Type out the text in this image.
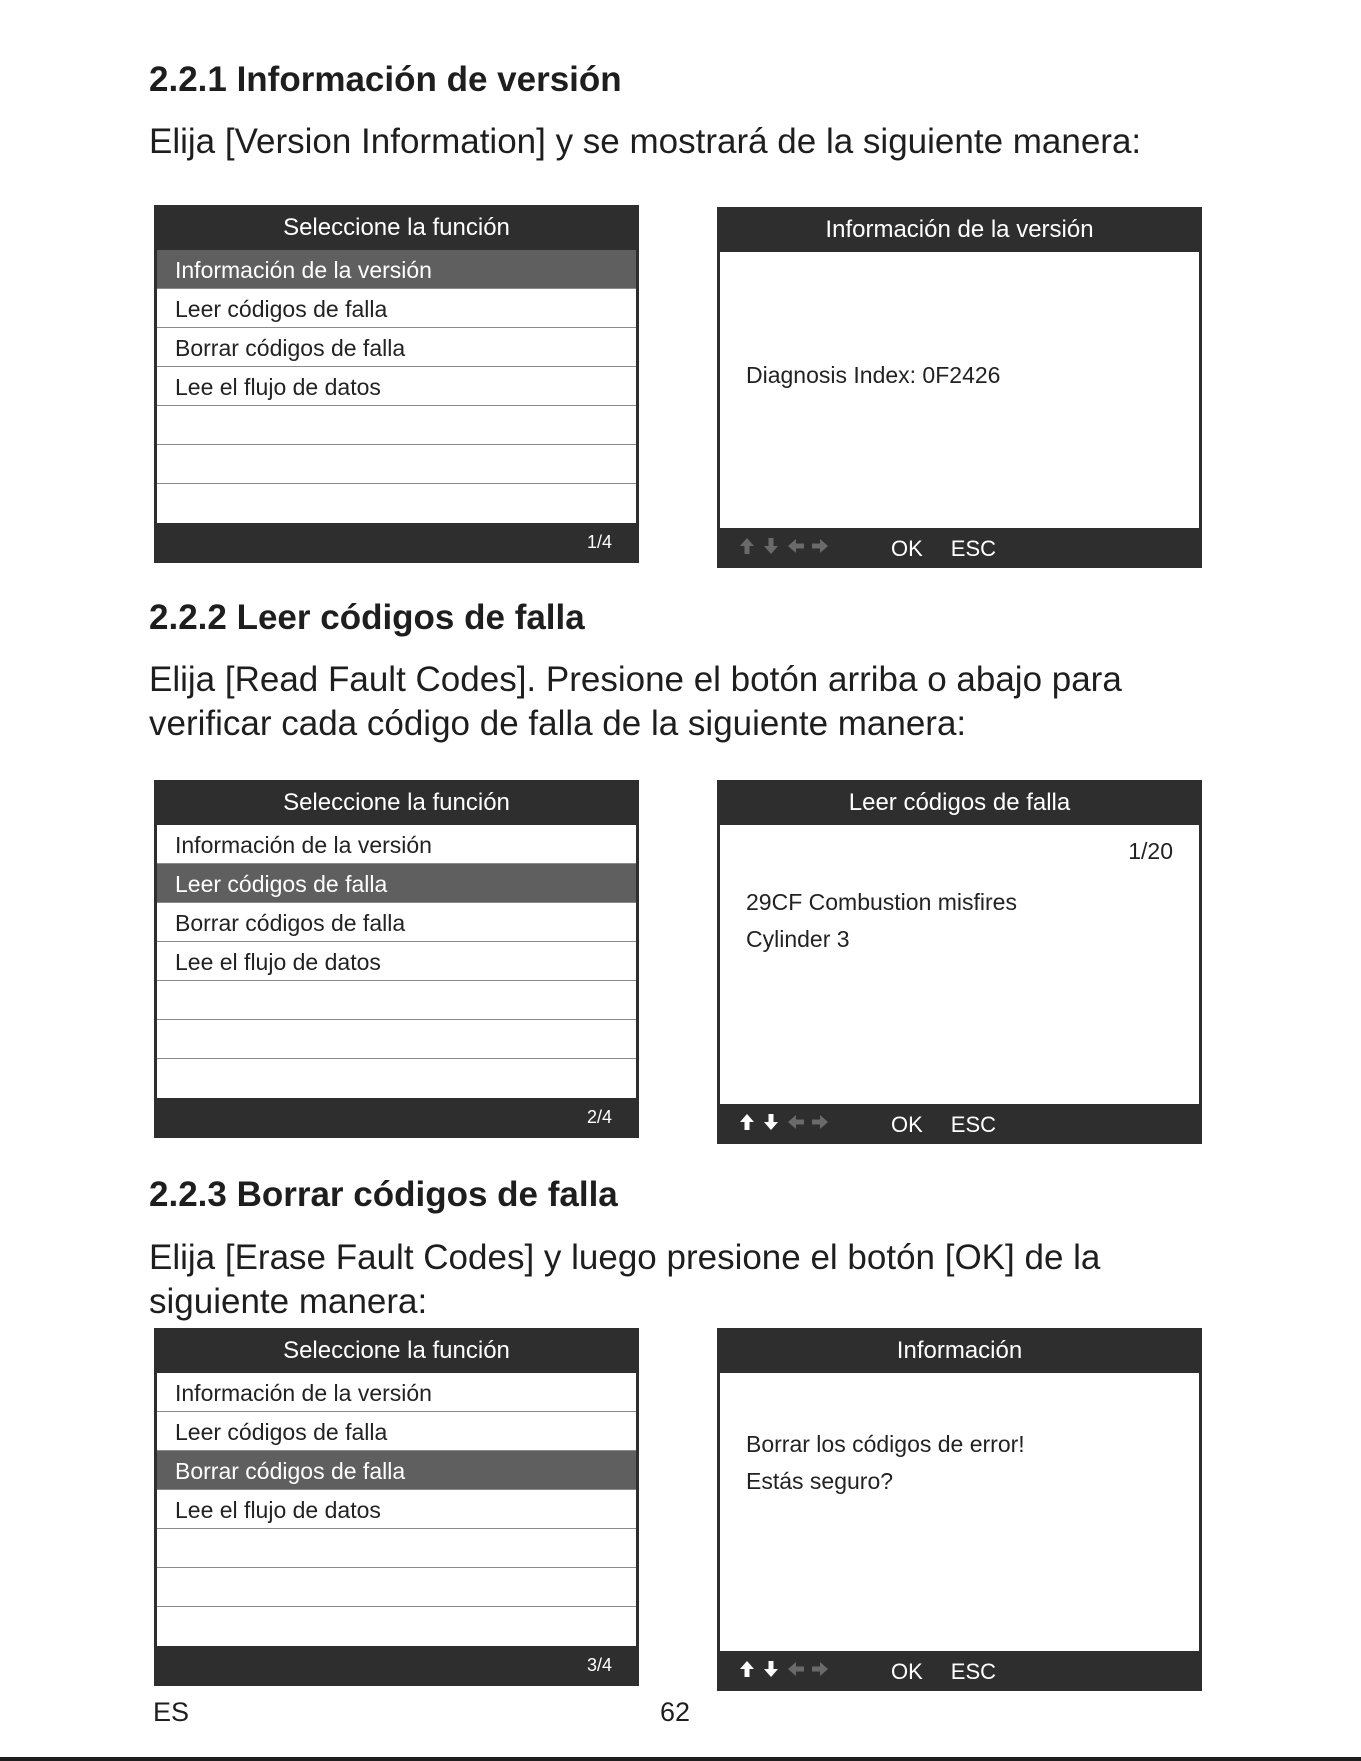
2.2.1 Información de versión

Elija [Version Information] y se mostrará de la siguiente manera:

Seleccione la función
Información de la versión
Leer códigos de falla
Borrar códigos de falla
Lee el flujo de datos
1/4
Información de la versión
Diagnosis Index: 0F2426
OK ESC
2.2.2 Leer códigos de falla

Elija [Read Fault Codes]. Presione el botón arriba o abajo para
verificar cada código de falla de la siguiente manera:

Seleccione la función
Información de la versión
Leer códigos de falla
Borrar códigos de falla
Lee el flujo de datos
2/4
Leer códigos de falla
1/20
29CF Combustion misfires
Cylinder 3
OK ESC
2.2.3 Borrar códigos de falla

Elija [Erase Fault Codes] y luego presione el botón [OK] de la
siguiente manera:

Seleccione la función
Información de la versión
Leer códigos de falla
Borrar códigos de falla
Lee el flujo de datos
3/4
Información
Borrar los códigos de error!
Estás seguro?
OK ESC
ES	62
